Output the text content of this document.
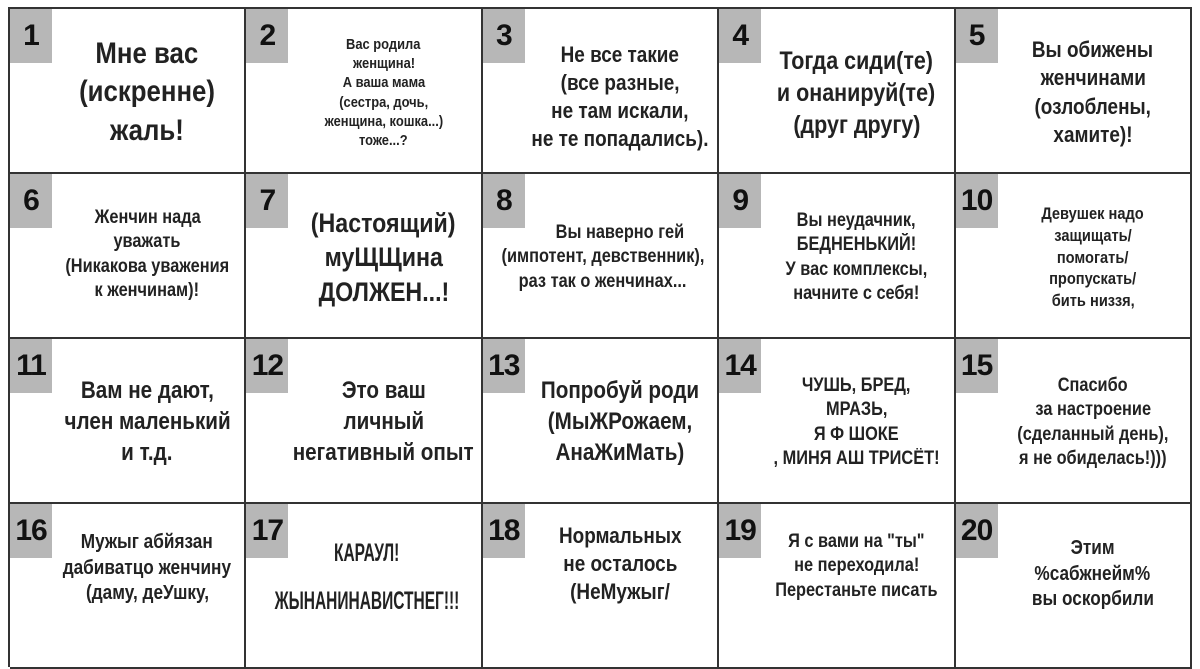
1
Мне вас
(искренне)
жаль!
2	Вас родила
женщина!
А ваша мама
(сестра, дочь,
женщина, кошка...)
тоже...?
3
Не все такие
(все разные,
не там искали,
не те попадались).
4
Тогда сиди(те)
и онанируй(те)
(друг другу)
5	Вы обижены
женчинами
(озлоблены,
хамите)!
6
Женчин нада
уважать
(Никакова уважения
к женчинам)!
7
(Настоящий)
муЩЩина
ДОЛЖЕН...!
8
Вы наверно гей
(импотент, девственник),
раз так о женчинах...
9
Вы неудачник,
БЕДНЕНЬКИЙ!
У вас комплексы,
начните с себя!
10	Девушек надо
защищать/
помогать/
пропускать/
бить низзя,
11
Вам не дают,
член маленький
и т.д.
12
Это ваш
личный
негативный опыт
13
Попробуй роди
(МыЖРожаем,
АнаЖиМать)
14
ЧУШЬ, БРЕД,
МРАЗЬ,
Я Ф ШОКЕ
, МИНЯ АШ ТРИСЁТ!
15
Спасибо
за настроение
(сделанный день),
я не обиделась!)))
16 Мужыг абйязан
дабиватцо женчину
(даму, деУшку,
17
КАРАУЛ!
ЖЫНАНИНАВИСТНЕГ!!!
18 Нормальных
не осталось
(НеМужыг/
19 Я с вами на "ты"
не переходила!
Перестаньте писать
20
Этим
%сабжнейм%
вы оскорбили
